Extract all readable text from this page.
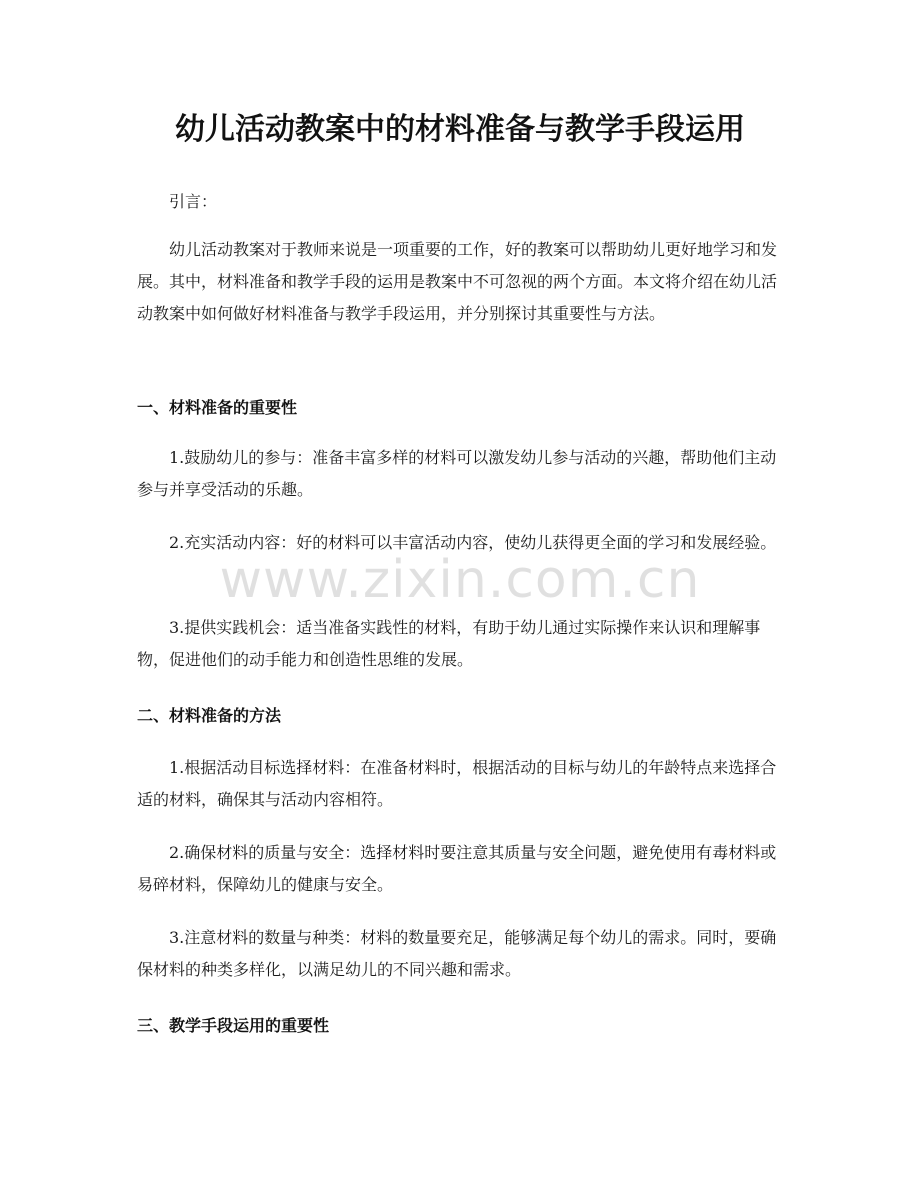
幼儿活动教案中的材料准备与教学手段运用

引言：

幼儿活动教案对于教师来说是一项重要的工作，好的教案可以帮助幼儿更好地学习和发展。其中，材料准备和教学手段的运用是教案中不可忽视的两个方面。本文将介绍在幼儿活动教案中如何做好材料准备与教学手段运用，并分别探讨其重要性与方法。

一、材料准备的重要性

1.鼓励幼儿的参与：准备丰富多样的材料可以激发幼儿参与活动的兴趣，帮助他们主动参与并享受活动的乐趣。

2.充实活动内容：好的材料可以丰富活动内容，使幼儿获得更全面的学习和发展经验。

3.提供实践机会：适当准备实践性的材料，有助于幼儿通过实际操作来认识和理解事物，促进他们的动手能力和创造性思维的发展。

二、材料准备的方法

1.根据活动目标选择材料：在准备材料时，根据活动的目标与幼儿的年龄特点来选择合适的材料，确保其与活动内容相符。

2.确保材料的质量与安全：选择材料时要注意其质量与安全问题，避免使用有毒材料或易碎材料，保障幼儿的健康与安全。

3.注意材料的数量与种类：材料的数量要充足，能够满足每个幼儿的需求。同时，要确保材料的种类多样化，以满足幼儿的不同兴趣和需求。

三、教学手段运用的重要性
www.zixin.com.cn
